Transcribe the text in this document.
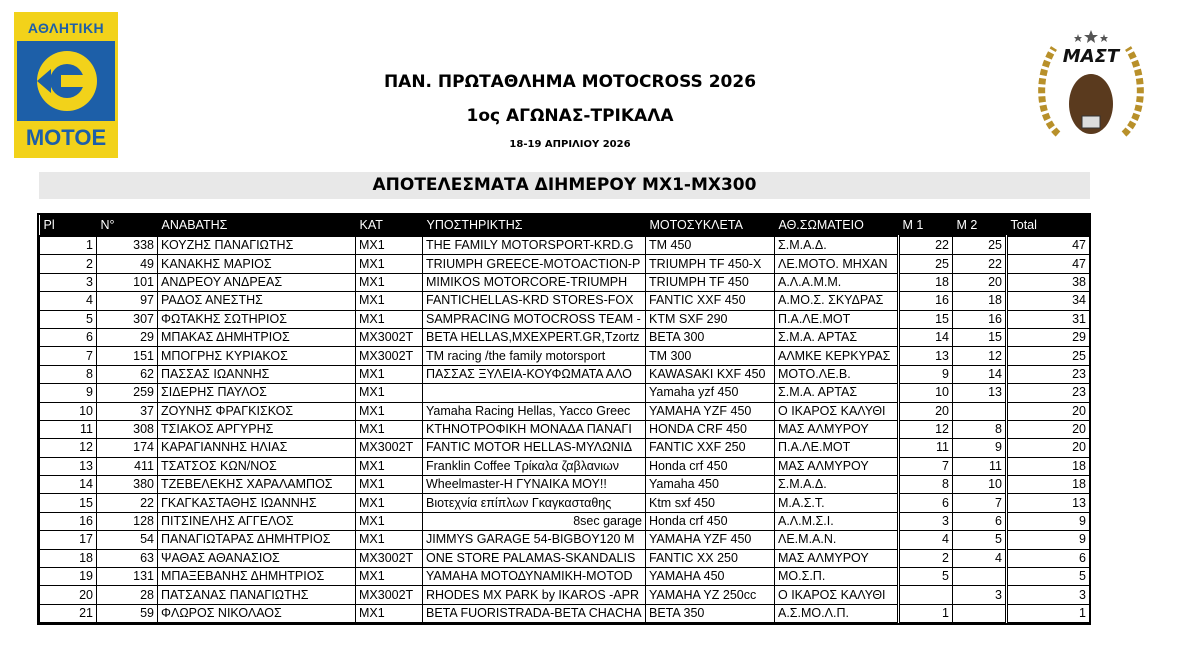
ΑΘΛΗΤΙΚΗ
MOTOE
ΜΑΣΤ
ΠΑΝ. ΠΡΩΤΑΘΛΗΜΑ MOTOCROSS 2026
1ος ΑΓΩΝΑΣ-ΤΡΙΚΑΛΑ
18-19 ΑΠΡΙΛΙΟΥ 2026
ΑΠΟΤΕΛΕΣΜΑΤΑ ΔΙΗΜΕΡΟΥ MX1-MX300
Pl	N°	ΑΝΑΒΑΤΗΣ	ΚΑΤ	ΥΠΟΣΤΗΡΙΚΤΗΣ	ΜΟΤΟΣΥΚΛΕΤΑ	ΑΘ.ΣΩΜΑΤΕΙΟ	M 1	M 2	Total
1	338	ΚΟΥΖΗΣ ΠΑΝΑΓΙΩΤΗΣ	MX1	THE FAMILY MOTORSPORT-KRD.G	TM 450	Σ.Μ.Α.Δ.	22	25	47
2	49	ΚΑΝΑΚΗΣ ΜΑΡΙΟΣ	MX1	TRIUMPH GREECE-MOTOACTION-P	TRIUMPH TF 450-X	ΛΕ.ΜΟΤΟ. ΜΗΧΑΝ	25	22	47
3	101	ΑΝΔΡΕΟΥ ΑΝΔΡΕΑΣ	MX1	MIMIKOS MOTORCORE-TRIUMPH	TRIUMPH TF 450	Α.Λ.Α.Μ.Μ.	18	20	38
4	97	ΡΑΔΟΣ ΑΝΕΣΤΗΣ	MX1	FANTICHELLAS-KRD STORES-FOX	FANTIC XXF 450	Α.ΜΟ.Σ. ΣΚΥΔΡΑΣ	16	18	34
5	307	ΦΩΤΑΚΗΣ ΣΩΤΗΡΙΟΣ	MX1	SAMPRACING MOTOCROSS TEAM -	KTM SXF 290	Π.Α.ΛΕ.ΜΟΤ	15	16	31
6	29	ΜΠΑΚΑΣ ΔΗΜΗΤΡΙΟΣ	MX3002T	BETA HELLAS,MXEXPERT.GR,Tzortz	BETA 300	Σ.Μ.Α. ΑΡΤΑΣ	14	15	29
7	151	ΜΠΟΓΡΗΣ ΚΥΡΙΑΚΟΣ	MX3002T	TM racing /the family motorsport	TM 300	ΑΛΜΚΕ ΚΕΡΚΥΡΑΣ	13	12	25
8	62	ΠΑΣΣΑΣ ΙΩΑΝΝΗΣ	MX1	ΠΑΣΣΑΣ ΞΥΛΕΙΑ-ΚΟΥΦΩΜΑΤΑ ΑΛΟ	KAWASAKI KXF 450	ΜΟΤΟ.ΛΕ.Β.	9	14	23
9	259	ΣΙΔΕΡΗΣ ΠΑΥΛΟΣ	MX1		Yamaha yzf 450	Σ.Μ.Α. ΑΡΤΑΣ	10	13	23
10	37	ΖΟΥΝΗΣ ΦΡΑΓΚΙΣΚΟΣ	MX1	Yamaha Racing Hellas, Yacco Greec	YAMAHA YZF 450	Ο ΙΚΑΡΟΣ ΚΑΛΥΘΙ	20		20
11	308	ΤΣΙΑΚΟΣ ΑΡΓΥΡΗΣ	MX1	ΚΤΗΝΟΤΡΟΦΙΚΗ ΜΟΝΑΔΑ ΠΑΝΑΓΙ	HONDA CRF 450	ΜΑΣ ΑΛΜΥΡΟΥ	12	8	20
12	174	ΚΑΡΑΓΙΑΝΝΗΣ ΗΛΙΑΣ	MX3002T	FANTIC MOTOR HELLAS-ΜΥΛΩΝΙΔ	FANTIC XXF 250	Π.Α.ΛΕ.ΜΟΤ	11	9	20
13	411	ΤΣΑΤΣΟΣ ΚΩΝ/ΝΟΣ	MX1	Franklin Coffee Τρίκαλα ζαβλανιων	Honda crf 450	ΜΑΣ ΑΛΜΥΡΟΥ	7	11	18
14	380	ΤΖΕΒΕΛΕΚΗΣ ΧΑΡΑΛΑΜΠΟΣ	MX1	Wheelmaster-Η ΓΥΝΑΙΚΑ ΜΟΥ!!	Yamaha 450	Σ.Μ.Α.Δ.	8	10	18
15	22	ΓΚΑΓΚΑΣΤΑΘΗΣ ΙΩΑΝΝΗΣ	MX1	Βιοτεχνία επίπλων Γκαγκασταθης	Ktm sxf 450	Μ.Α.Σ.Τ.	6	7	13
16	128	ΠΙΤΣΙΝΕΛΗΣ ΑΓΓΕΛΟΣ	MX1	8sec garage	Honda crf 450	Α.Λ.Μ.Σ.Ι.	3	6	9
17	54	ΠΑΝΑΓΙΩΤΑΡΑΣ ΔΗΜΗΤΡΙΟΣ	MX1	JIMMYS GARAGE 54-BIGBOY120 M	YAMAHA YZF 450	ΛΕ.Μ.Α.Ν.	4	5	9
18	63	ΨΑΘΑΣ ΑΘΑΝΑΣΙΟΣ	MX3002T	ONE STORE PALAMAS-SKANDALIS	FANTIC XX 250	ΜΑΣ ΑΛΜΥΡΟΥ	2	4	6
19	131	ΜΠΑΞΕΒΑΝΗΣ ΔΗΜΗΤΡΙΟΣ	MX1	YAMAHA ΜΟΤΟΔΥΝΑΜΙΚΗ-ΜΟΤΟD	YAMAHA 450	ΜΟ.Σ.Π.	5		5
20	28	ΠΑΤΣΑΝΑΣ ΠΑΝΑΓΙΩΤΗΣ	MX3002T	RHODES MX PARK by IKAROS -APR	YAMAHA YZ 250cc	Ο ΙΚΑΡΟΣ ΚΑΛΥΘΙ		3	3
21	59	ΦΛΩΡΟΣ ΝΙΚΟΛΑΟΣ	MX1	BETA FUORISTRADA-BETA CHACHA	BETA 350	Α.Σ.ΜΟ.Λ.Π.	1		1
